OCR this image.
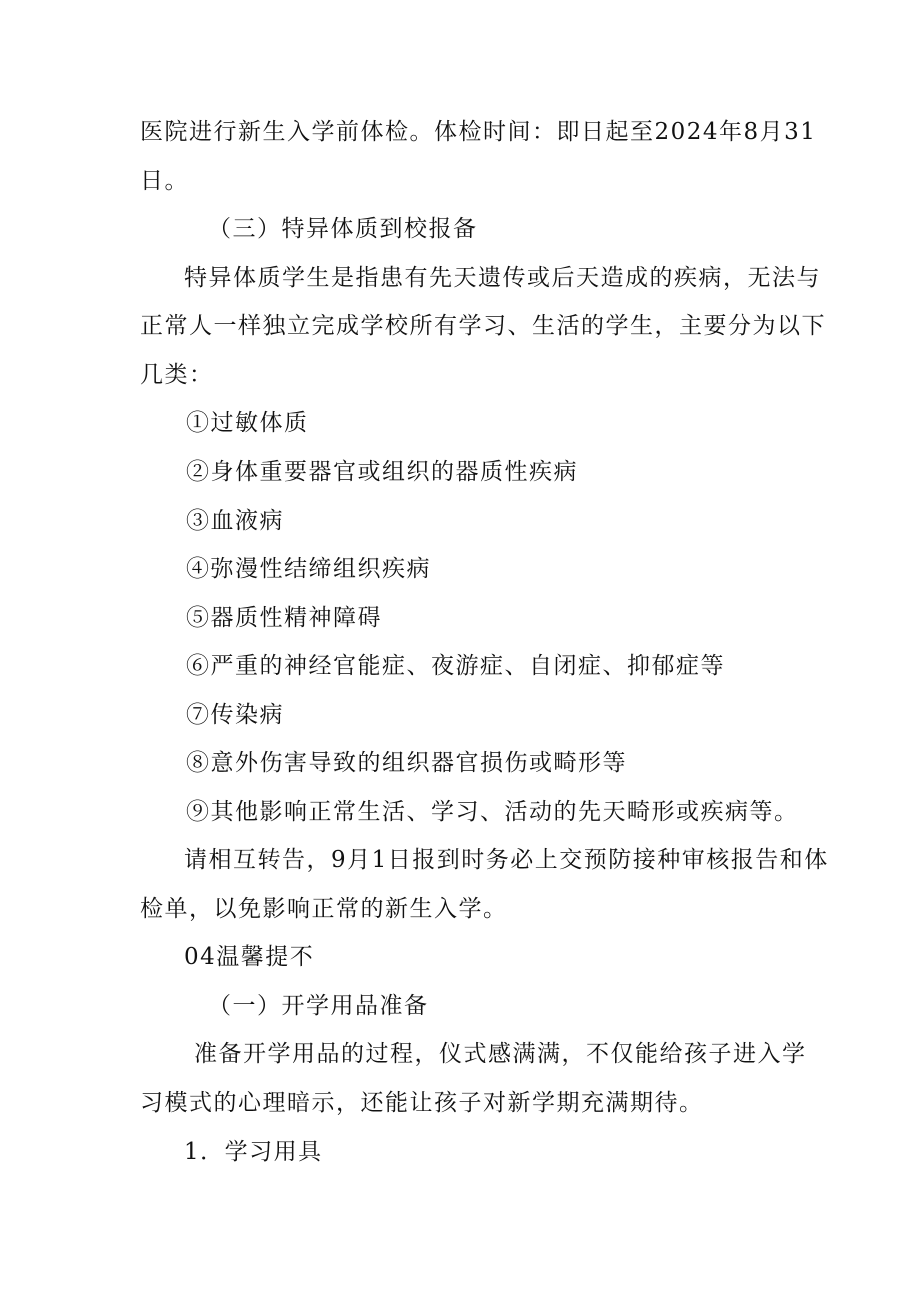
医院进行新生入学前体检。体检时间：即日起至2024年8月31
日。
（三）特异体质到校报备
特异体质学生是指患有先天遗传或后天造成的疾病，无法与
正常人一样独立完成学校所有学习、生活的学生，主要分为以下
几类：
①过敏体质
②身体重要器官或组织的器质性疾病
③血液病
④弥漫性结缔组织疾病
⑤器质性精神障碍
⑥严重的神经官能症、夜游症、自闭症、抑郁症等
⑦传染病
⑧意外伤害导致的组织器官损伤或畸形等
⑨其他影响正常生活、学习、活动的先天畸形或疾病等。
请相互转告，9月1日报到时务必上交预防接种审核报告和体
检单，以免影响正常的新生入学。
04温馨提不
（一）开学用品准备
准备开学用品的过程，仪式感满满，不仅能给孩子进入学
习模式的心理暗示，还能让孩子对新学期充满期待。
1．学习用具
